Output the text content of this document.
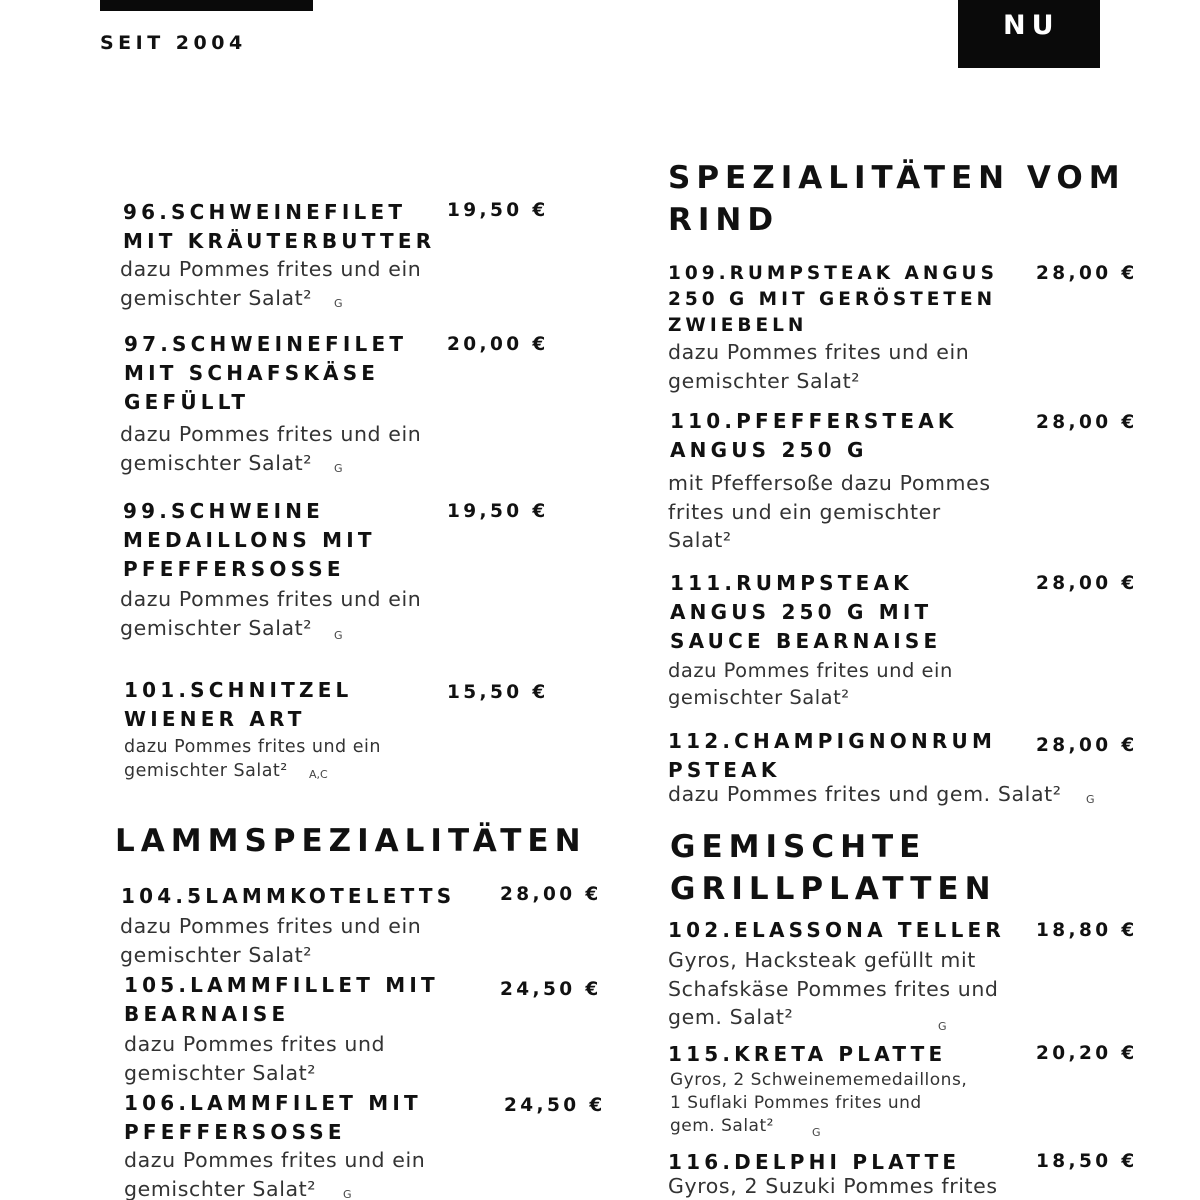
SEIT 2004
NU
96.SCHWEINEFILET
MIT KRÄUTERBUTTER
19,50 €
dazu Pommes frites und ein
gemischter Salat²	G
97.SCHWEINEFILET
MIT SCHAFSKÄSE
GEFÜLLT
20,00 €
dazu Pommes frites und ein
gemischter Salat²	G
99.SCHWEINE
MEDAILLONS MIT
PFEFFERSOSSE
19,50 €
dazu Pommes frites und ein
gemischter Salat²	G
101.SCHNITZEL
WIENER ART
15,50 €
dazu Pommes frites und ein
gemischter Salat²	A,C
LAMMSPEZIALITÄTEN
104.5LAMMKOTELETTS 28,00 €
dazu Pommes frites und ein
gemischter Salat²
105.LAMMFILLET MIT
BEARNAISE
24,50 €
dazu Pommes frites und
gemischter Salat²
106.LAMMFILET MIT
PFEFFERSOSSE
24,50 €
dazu Pommes frites und ein
gemischter Salat²	G
SPEZIALITÄTEN VOM
RIND
109.RUMPSTEAK ANGUS
250 G MIT GERÖSTETEN
ZWIEBELN
28,00 €
dazu Pommes frites und ein
gemischter Salat²
110.PFEFFERSTEAK
ANGUS 250 G
28,00 €
mit Pfeffersoße dazu Pommes
frites und ein gemischter
Salat²
111.RUMPSTEAK
ANGUS 250 G MIT
SAUCE BEARNAISE
28,00 €
dazu Pommes frites und ein
gemischter Salat²
112.CHAMPIGNONRUM
PSTEAK
28,00 €
dazu Pommes frites und gem. Salat² G
GEMISCHTE
GRILLPLATTEN
102.ELASSONA TELLER 18,80 €
Gyros, Hacksteak gefüllt mit
Schafskäse Pommes frites und
gem. Salat²	G
115.KRETA PLATTE	20,20 €
Gyros, 2 Schweinememedaillons,
1 Suflaki Pommes frites und
gem. Salat²	G
116.DELPHI PLATTE	18,50 €
Gyros, 2 Suzuki Pommes frites
